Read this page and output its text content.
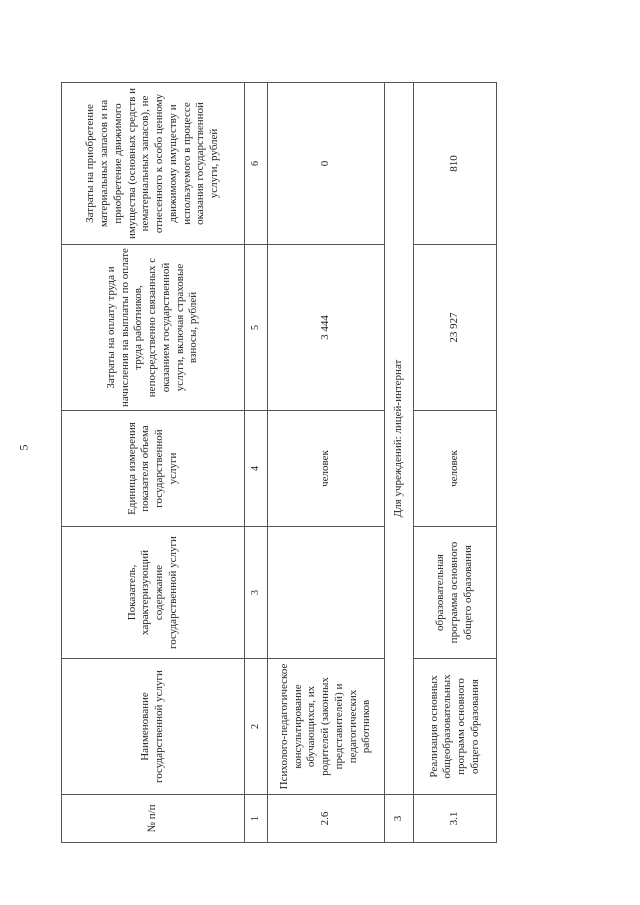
5
№ п/п	Наименование государственной услуги	Показатель, характеризующий содержание государственной услуги	Единица измерения показателя объема государственной услуги	Затраты на оплату труда и начисления на выплаты по оплате труда работников, непосредственно связанных с оказанием государственной услуги, включая страховые взносы, рублей	Затраты на приобретение материальных запасов и на приобретение движимого имущества (основных средств и нематериальных запасов), не отнесенного к особо ценному движимому имуществу и используемого в процессе оказания государственной услуги, рублей
1	2	3	4	5	6
2.6	Психолого-педагогическое консультирование обучающихся, их родителей (законных представителей) и педагогических работников		человек	3 444	0
3	Для учреждений: лицей-интернат				
3.1	Реализация основных общеобразовательных программ основного общего образования	образовательная программа основного общего образования	человек	23 927	810
